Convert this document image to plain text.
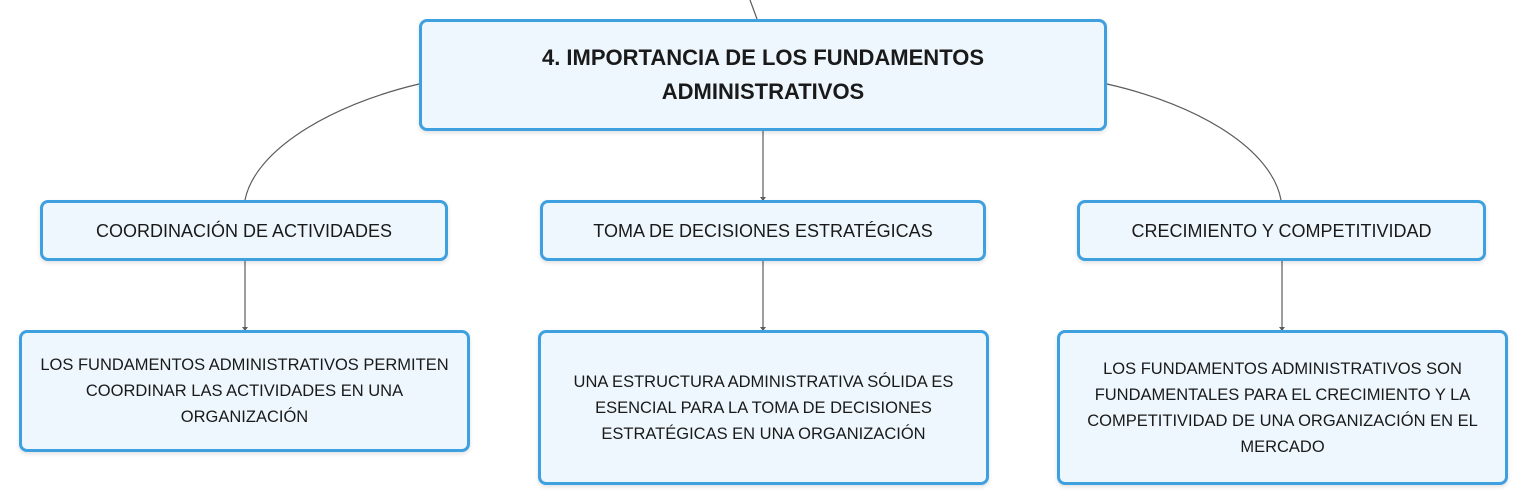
4. IMPORTANCIA DE LOS FUNDAMENTOS
ADMINISTRATIVOS
COORDINACIÓN DE ACTIVIDADES	TOMA DE DECISIONES ESTRATÉGICAS	CRECIMIENTO Y COMPETITIVIDAD
LOS FUNDAMENTOS ADMINISTRATIVOS PERMITEN
COORDINAR LAS ACTIVIDADES EN UNA
ORGANIZACIÓN
UNA ESTRUCTURA ADMINISTRATIVA SÓLIDA ES
ESENCIAL PARA LA TOMA DE DECISIONES
ESTRATÉGICAS EN UNA ORGANIZACIÓN
LOS FUNDAMENTOS ADMINISTRATIVOS SON
FUNDAMENTALES PARA EL CRECIMIENTO Y LA
COMPETITIVIDAD DE UNA ORGANIZACIÓN EN EL
MERCADO
